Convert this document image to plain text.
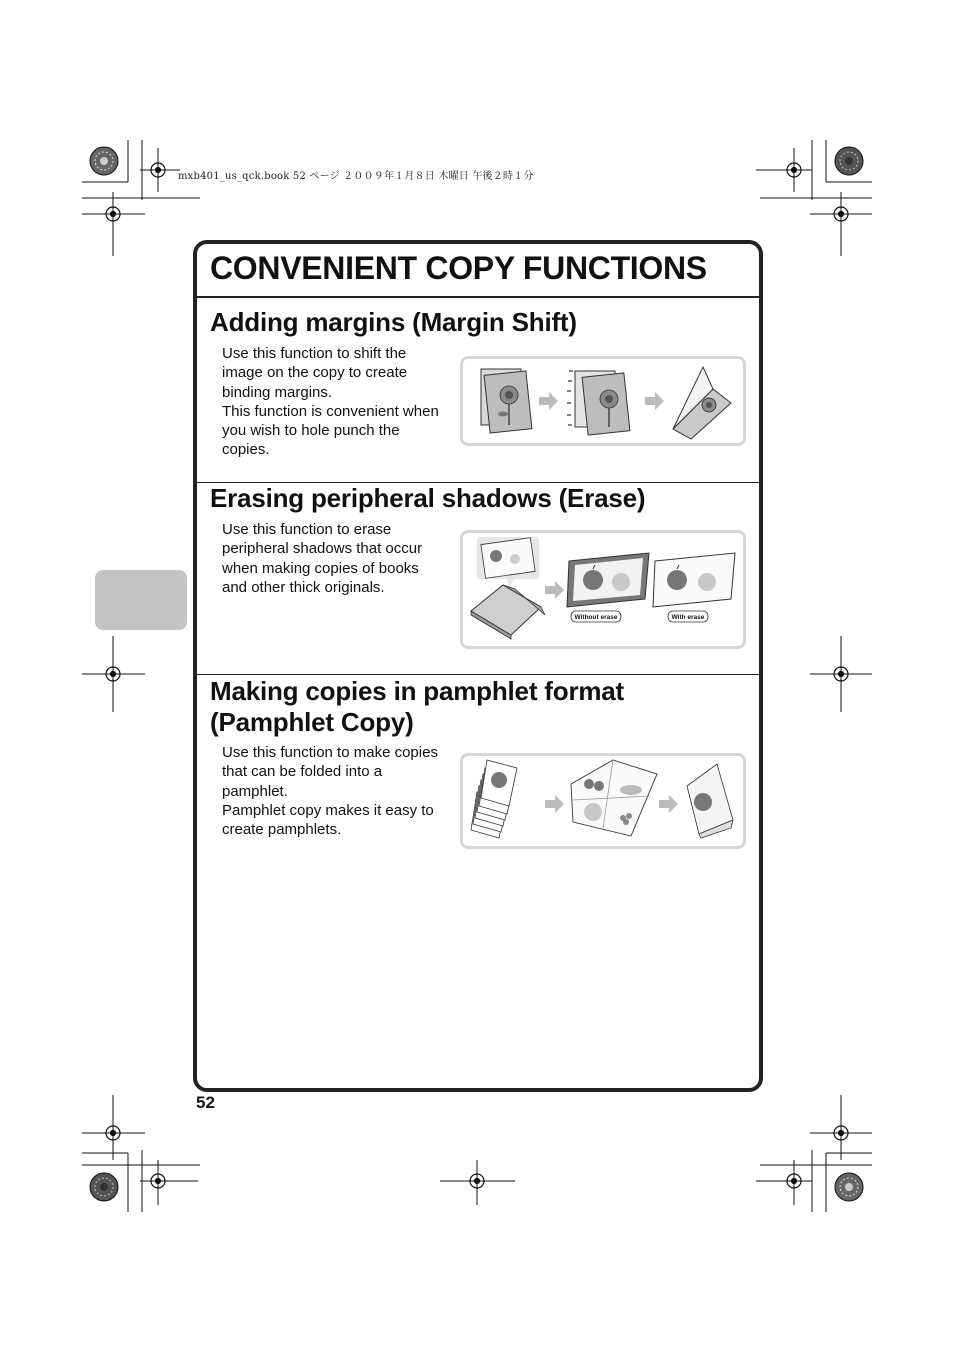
mxb401_us_qck.book 52 ページ ２００９年１月８日 木曜日 午後２時１分
CONVENIENT COPY FUNCTIONS
Adding margins (Margin Shift)

Use this function to shift the image on the copy to create binding margins.

This function is convenient when you wish to hole punch the copies.

Erasing peripheral shadows (Erase)

Use this function to erase peripheral shadows that occur when making copies of books and other thick originals.

Without erase	With erase
Making copies in pamphlet format
(Pamphlet Copy)

Use this function to make copies that can be folded into a pamphlet.

Pamphlet copy makes it easy to create pamphlets.

52
